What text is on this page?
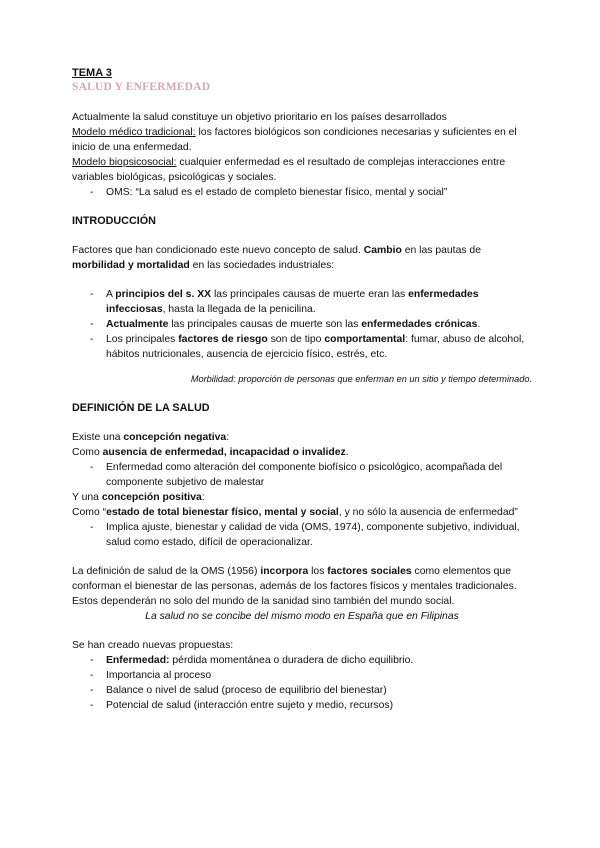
TEMA 3
SALUD Y ENFERMEDAD

Actualmente la salud constituye un objetivo prioritario en los países desarrollados

Modelo médico tradicional: los factores biológicos son condiciones necesarias y suficientes en el inicio de una enfermedad.

Modelo biopsicosocial: cualquier enfermedad es el resultado de complejas interacciones entre variables biológicas, psicológicas y sociales.

- OMS: “La salud es el estado de completo bienestar físico, mental y social”
INTRODUCCIÓN

Factores que han condicionado este nuevo concepto de salud. Cambio en las pautas de morbilidad y mortalidad en las sociedades industriales:

- A principios del s. XX las principales causas de muerte eran las enfermedades infecciosas, hasta la llegada de la penicilina.
- Actualmente las principales causas de muerte son las enfermedades crónicas.
- Los principales factores de riesgo son de tipo comportamental: fumar, abuso de alcohol, hábitos nutricionales, ausencia de ejercicio físico, estrés, etc.

Morbilidad: proporción de personas que enferman en un sitio y tiempo determinado.

DEFINICIÓN DE LA SALUD

Existe una concepción negativa:

Como ausencia de enfermedad, incapacidad o invalidez.

- Enfermedad como alteración del componente biofísico o psicológico, acompañada del componente subjetivo de malestar

Y una concepción positiva:

Como “estado de total bienestar físico, mental y social, y no sólo la ausencia de enfermedad”

- Implica ajuste, bienestar y calidad de vida (OMS, 1974), componente subjetivo, individual, salud como estado, difícil de operacionalizar.

La definición de salud de la OMS (1956) incorpora los factores sociales como elementos que conforman el bienestar de las personas, además de los factores físicos y mentales tradicionales. Estos dependerán no solo del mundo de la sanidad sino también del mundo social.

La salud no se concibe del mismo modo en España que en Filipinas

Se han creado nuevas propuestas:

- Enfermedad: pérdida momentánea o duradera de dicho equilibrio.
- Importancia al proceso
- Balance o nivel de salud (proceso de equilibrio del bienestar)
- Potencial de salud (interacción entre sujeto y medio, recursos)
